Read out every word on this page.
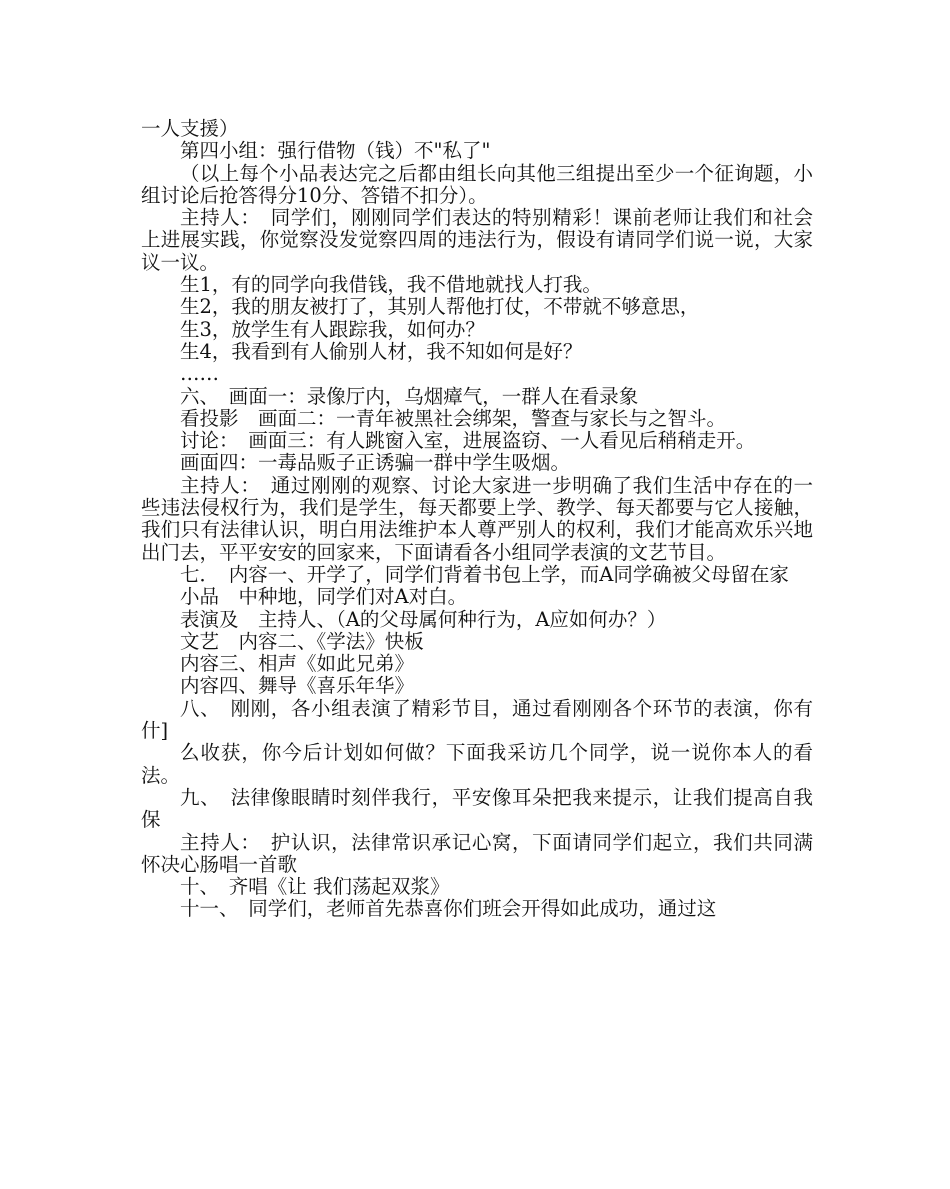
一人支援）

第四小组：强行借物（钱）不"私了"

（以上每个小品表达完之后都由组长向其他三组提出至少一个征询题，小组讨论后抢答得分10分、答错不扣分）。

主持人：　同学们，刚刚同学们表达的特别精彩！课前老师让我们和社会上进展实践，你觉察没发觉察四周的违法行为，假设有请同学们说一说，大家议一议。

生1，有的同学向我借钱，我不借地就找人打我。

生2，我的朋友被打了，其别人帮他打仗，不带就不够意思，

生3，放学生有人跟踪我，如何办？

生4，我看到有人偷别人材，我不知如何是好？

……

六、　画面一：录像厅内，乌烟瘴气，一群人在看录象

看投影　画面二：一青年被黑社会绑架，警查与家长与之智斗。

讨论：　画面三：有人跳窗入室，进展盗窃、一人看见后稍稍走开。

画面四：一毒品贩子正诱骗一群中学生吸烟。

主持人：　通过刚刚的观察、讨论大家进一步明确了我们生活中存在的一些违法侵权行为，我们是学生，每天都要上学、教学、每天都要与它人接触，我们只有法律认识，明白用法维护本人尊严别人的权利，我们才能高欢乐兴地出门去，平平安安的回家来，下面请看各小组同学表演的文艺节目。

七．　内容一、开学了，同学们背着书包上学，而A同学确被父母留在家

小品　中种地，同学们对A对白。

表演及　主持人、（A的父母属何种行为，A应如何办？）

文艺　内容二、《学法》快板

内容三、相声《如此兄弟》

内容四、舞导《喜乐年华》

八、　刚刚，各小组表演了精彩节目，通过看刚刚各个环节的表演，你有什]

么收获，你今后计划如何做？下面我采访几个同学，说一说你本人的看法。

九、　法律像眼睛时刻伴我行，平安像耳朵把我来提示，让我们提高自我保

主持人：　护认识，法律常识承记心窝，下面请同学们起立，我们共同满怀决心肠唱一首歌

十、　齐唱《让 我们荡起双浆》

十一、　同学们，老师首先恭喜你们班会开得如此成功，通过这
